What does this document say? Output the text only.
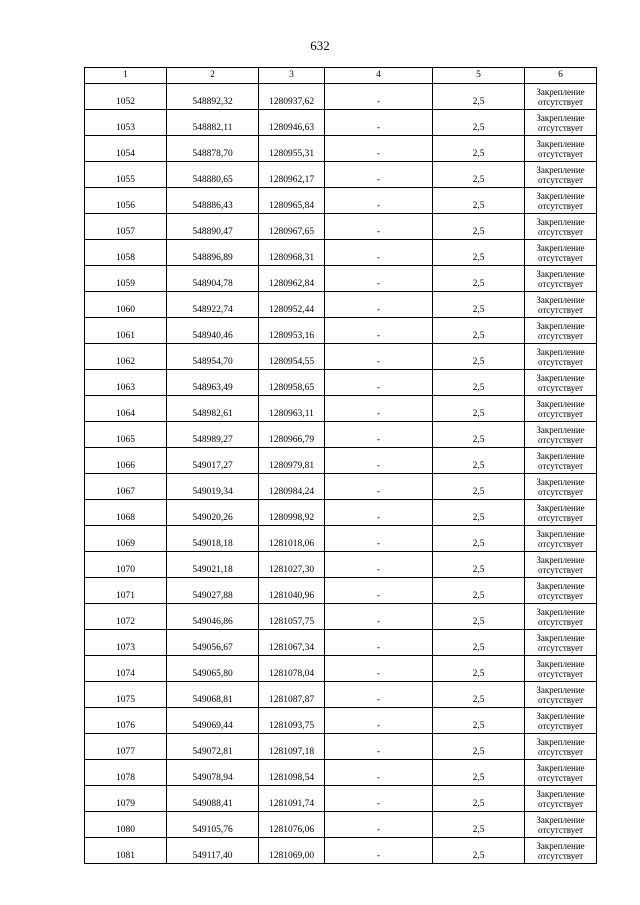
632
1	2	3	4	5	6
1052	548892,32	1280937,62	-	2,5	Закрепление отсутствует
1053	548882,11	1280946,63	-	2,5	Закрепление отсутствует
1054	548878,70	1280955,31	-	2,5	Закрепление отсутствует
1055	548880,65	1280962,17	-	2,5	Закрепление отсутствует
1056	548886,43	1280965,84	-	2,5	Закрепление отсутствует
1057	548890,47	1280967,65	-	2,5	Закрепление отсутствует
1058	548896,89	1280968,31	-	2,5	Закрепление отсутствует
1059	548904,78	1280962,84	-	2,5	Закрепление отсутствует
1060	548922,74	1280952,44	-	2,5	Закрепление отсутствует
1061	548940,46	1280953,16	-	2,5	Закрепление отсутствует
1062	548954,70	1280954,55	-	2,5	Закрепление отсутствует
1063	548963,49	1280958,65	-	2,5	Закрепление отсутствует
1064	548982,61	1280963,11	-	2,5	Закрепление отсутствует
1065	548989,27	1280966,79	-	2,5	Закрепление отсутствует
1066	549017,27	1280979,81	-	2,5	Закрепление отсутствует
1067	549019,34	1280984,24	-	2,5	Закрепление отсутствует
1068	549020,26	1280998,92	-	2,5	Закрепление отсутствует
1069	549018,18	1281018,06	-	2,5	Закрепление отсутствует
1070	549021,18	1281027,30	-	2,5	Закрепление отсутствует
1071	549027,88	1281040,96	-	2,5	Закрепление отсутствует
1072	549046,86	1281057,75	-	2,5	Закрепление отсутствует
1073	549056,67	1281067,34	-	2,5	Закрепление отсутствует
1074	549065,80	1281078,04	-	2,5	Закрепление отсутствует
1075	549068,81	1281087,87	-	2,5	Закрепление отсутствует
1076	549069,44	1281093,75	-	2,5	Закрепление отсутствует
1077	549072,81	1281097,18	-	2,5	Закрепление отсутствует
1078	549078,94	1281098,54	-	2,5	Закрепление отсутствует
1079	549088,41	1281091,74	-	2,5	Закрепление отсутствует
1080	549105,76	1281076,06	-	2,5	Закрепление отсутствует
1081	549117,40	1281069,00	-	2,5	Закрепление отсутствует
